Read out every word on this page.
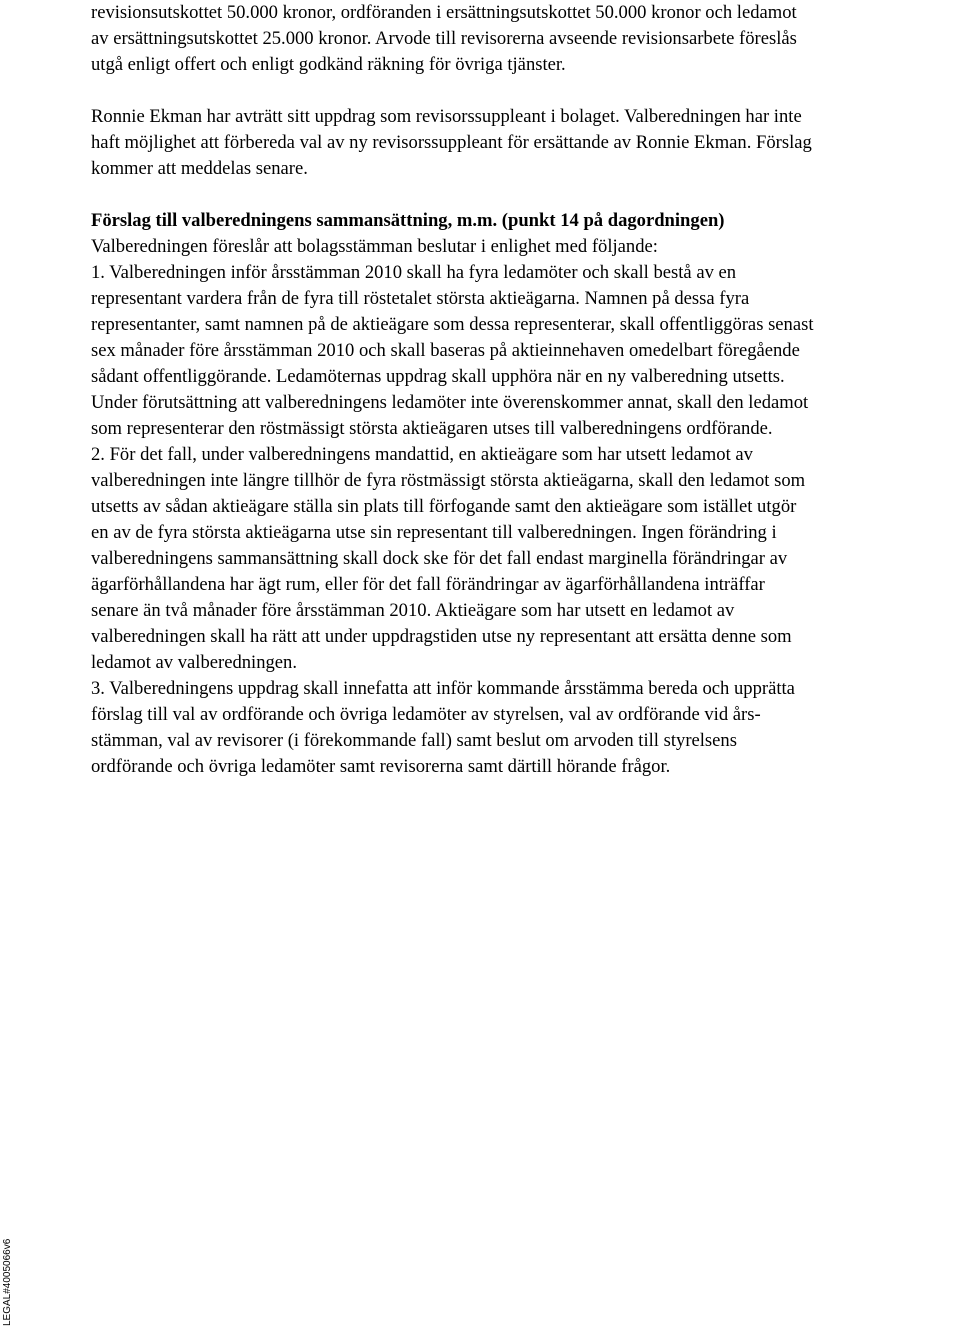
revisionsutskottet 50.000 kronor, ordföranden i ersättningsutskottet 50.000 kronor och ledamot
av ersättningsutskottet 25.000 kronor. Arvode till revisorerna avseende revisionsarbete föreslås
utgå enligt offert och enligt godkänd räkning för övriga tjänster.

Ronnie Ekman har avträtt sitt uppdrag som revisorssuppleant i bolaget. Valberedningen har inte
haft möjlighet att förbereda val av ny revisorssuppleant för ersättande av Ronnie Ekman. Förslag
kommer att meddelas senare.

Förslag till valberedningens sammansättning, m.m. (punkt 14 på dagordningen)
Valberedningen föreslår att bolagsstämman beslutar i enlighet med följande:
1. Valberedningen inför årsstämman 2010 skall ha fyra ledamöter och skall bestå av en
representant vardera från de fyra till röstetalet största aktieägarna. Namnen på dessa fyra
representanter, samt namnen på de aktieägare som dessa representerar, skall offentliggöras senast
sex månader före årsstämman 2010 och skall baseras på aktieinnehaven omedelbart föregående
sådant offentliggörande. Ledamöternas uppdrag skall upphöra när en ny valberedning utsetts.
Under förutsättning att valberedningens ledamöter inte överenskommer annat, skall den ledamot
som representerar den röstmässigt största aktieägaren utses till valberedningens ordförande.
2. För det fall, under valberedningens mandattid, en aktieägare som har utsett ledamot av
valberedningen inte längre tillhör de fyra röstmässigt största aktieägarna, skall den ledamot som
utsetts av sådan aktieägare ställa sin plats till förfogande samt den aktieägare som istället utgör
en av de fyra största aktieägarna utse sin representant till valberedningen. Ingen förändring i
valberedningens sammansättning skall dock ske för det fall endast marginella förändringar av
ägarförhållandena har ägt rum, eller för det fall förändringar av ägarförhållandena inträffar
senare än två månader före årsstämman 2010. Aktieägare som har utsett en ledamot av
valberedningen skall ha rätt att under uppdragstiden utse ny representant att ersätta denne som
ledamot av valberedningen.
3. Valberedningens uppdrag skall innefatta att inför kommande årsstämma bereda och upprätta
förslag till val av ordförande och övriga ledamöter av styrelsen, val av ordförande vid års-
stämman, val av revisorer (i förekommande fall) samt beslut om arvoden till styrelsens
ordförande och övriga ledamöter samt revisorerna samt därtill hörande frågor.

LEGAL#4005066v6
